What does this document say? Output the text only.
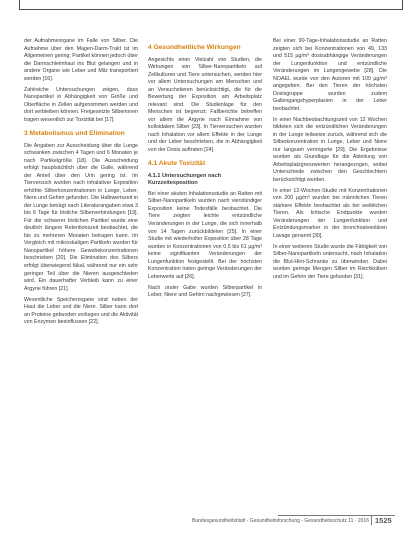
der Aufnahmeorgane im Falle von Silber. Die Aufnahme über den Magen-Darm-Trakt ist im Allgemeinen gering; Partikel können jedoch über die Darmschleimhaut ins Blut gelangen und in andere Organe wie Leber und Milz transportiert werden [16].

Zahlreiche Untersuchungen zeigen, dass Nanopartikel in Abhängigkeit von Größe und Oberfläche in Zellen aufgenommen werden und dort verbleiben können. Freigesetzte Silberionen tragen wesentlich zur Toxizität bei [17].

3 Metabolismus und Elimination

Die Angaben zur Ausscheidung über die Lunge schwanken zwischen 4 Tagen und 6 Monaten je nach Partikelgröße [18]. Die Ausscheidung erfolgt hauptsächlich über die Galle, während der Anteil über den Urin gering ist. Im Tierversuch wurden nach inhalativer Exposition erhöhte Silberkonzentrationen in Lunge, Leber, Niere und Gehirn gefunden. Die Halbwertszeit in der Lunge beträgt nach Literaturangaben etwa 3 bis 6 Tage für lösliche Silberverbindungen [19]. Für die schwerer löslichen Partikel wurde eine deutlich längere Retentionszeit beobachtet, die bis zu mehreren Monaten betragen kann. Im Vergleich mit mikroskaligen Partikeln wurden für Nanopartikel höhere Gewebekonzentrationen beschrieben [20]. Die Elimination des Silbers erfolgt überwiegend fäkal, während nur ein sehr geringer Teil über die Nieren ausgeschieden wird. Ein dauerhafter Verbleib kann zu einer Argyrie führen [21].

Wesentliche Speicherorgane sind neben der Haut die Leber und die Niere. Silber kann dort an Proteine gebunden vorliegen und die Aktivität von Enzymen beeinflussen [22].

4 Gesundheitliche Wirkungen

Angesichts einer Vielzahl von Studien, die Wirkungen von Silber-Nanopartikeln auf Zellkulturen und Tiere untersuchen, werden hier vor allem Untersuchungen am Menschen und an Versuchstieren berücksichtigt, die für die Bewertung der Exposition am Arbeitsplatz relevant sind. Die Studienlage für den Menschen ist begrenzt; Fallberichte betreffen vor allem die Argyrie nach Einnahme von kolloidalem Silber [23]. In Tierversuchen wurden nach Inhalation vor allem Effekte in der Lunge und der Leber beschrieben, die in Abhängigkeit von der Dosis auftraten [24].

4.1 Akute Toxizität
4.1.1 Untersuchungen nach Kurzzeitexposition

Bei einer akuten Inhalationsstudie an Ratten mit Silber-Nanopartikeln wurden nach vierstündiger Exposition keine Todesfälle beobachtet. Die Tiere zeigten leichte entzündliche Veränderungen in der Lunge, die sich innerhalb von 14 Tagen zurückbildeten [25]. In einer Studie mit wiederholter Exposition über 28 Tage wurden in Konzentrationen von 0,5 bis 61 µg/m³ keine signifikanten Veränderungen der Lungenfunktion festgestellt. Bei der höchsten Konzentration traten geringe Veränderungen der Leberwerte auf [26].

Nach oraler Gabe wurden Silberpartikel in Leber, Niere und Gehirn nachgewiesen [27].

Bei einer 90-Tage-Inhalationsstudie an Ratten zeigten sich bei Konzentrationen von 49, 133 und 515 µg/m³ dosisabhängige Veränderungen der Lungenfunktion und entzündliche Veränderungen im Lungengewebe [28]. Die NOAEL wurde von den Autoren mit 100 µg/m³ angegeben. Bei den Tieren der höchsten Dosisgruppe wurden zudem Gallengangshyperplasien in der Leber beobachtet.

In einer Nachbeobachtungszeit von 12 Wochen bildeten sich die entzündlichen Veränderungen in der Lunge teilweise zurück, während sich die Silberkonzentration in Lunge, Leber und Niere nur langsam verringerte [29]. Die Ergebnisse wurden als Grundlage für die Ableitung von Arbeitsplatzgrenzwerten herangezogen, wobei Unterschiede zwischen den Geschlechtern berücksichtigt wurden.

In einer 12-Wochen-Studie mit Konzentrationen von 200 µg/m³ wurden bei männlichen Tieren stärkere Effekte beobachtet als bei weiblichen Tieren. Als kritische Endpunkte wurden Veränderungen der Lungenfunktion und Entzündungsmarker in der bronchoalveolären Lavage genannt [30].

In einer weiteren Studie wurde die Fähigkeit von Silber-Nanopartikeln untersucht, nach Inhalation die Blut-Hirn-Schranke zu überwinden. Dabei wurden geringe Mengen Silber im Riechkolben und im Gehirn der Tiere gefunden [31].

Bundesgesundheitsblatt - Gesundheitsforschung - Gesundheitsschutz 11 · 2016 1525
